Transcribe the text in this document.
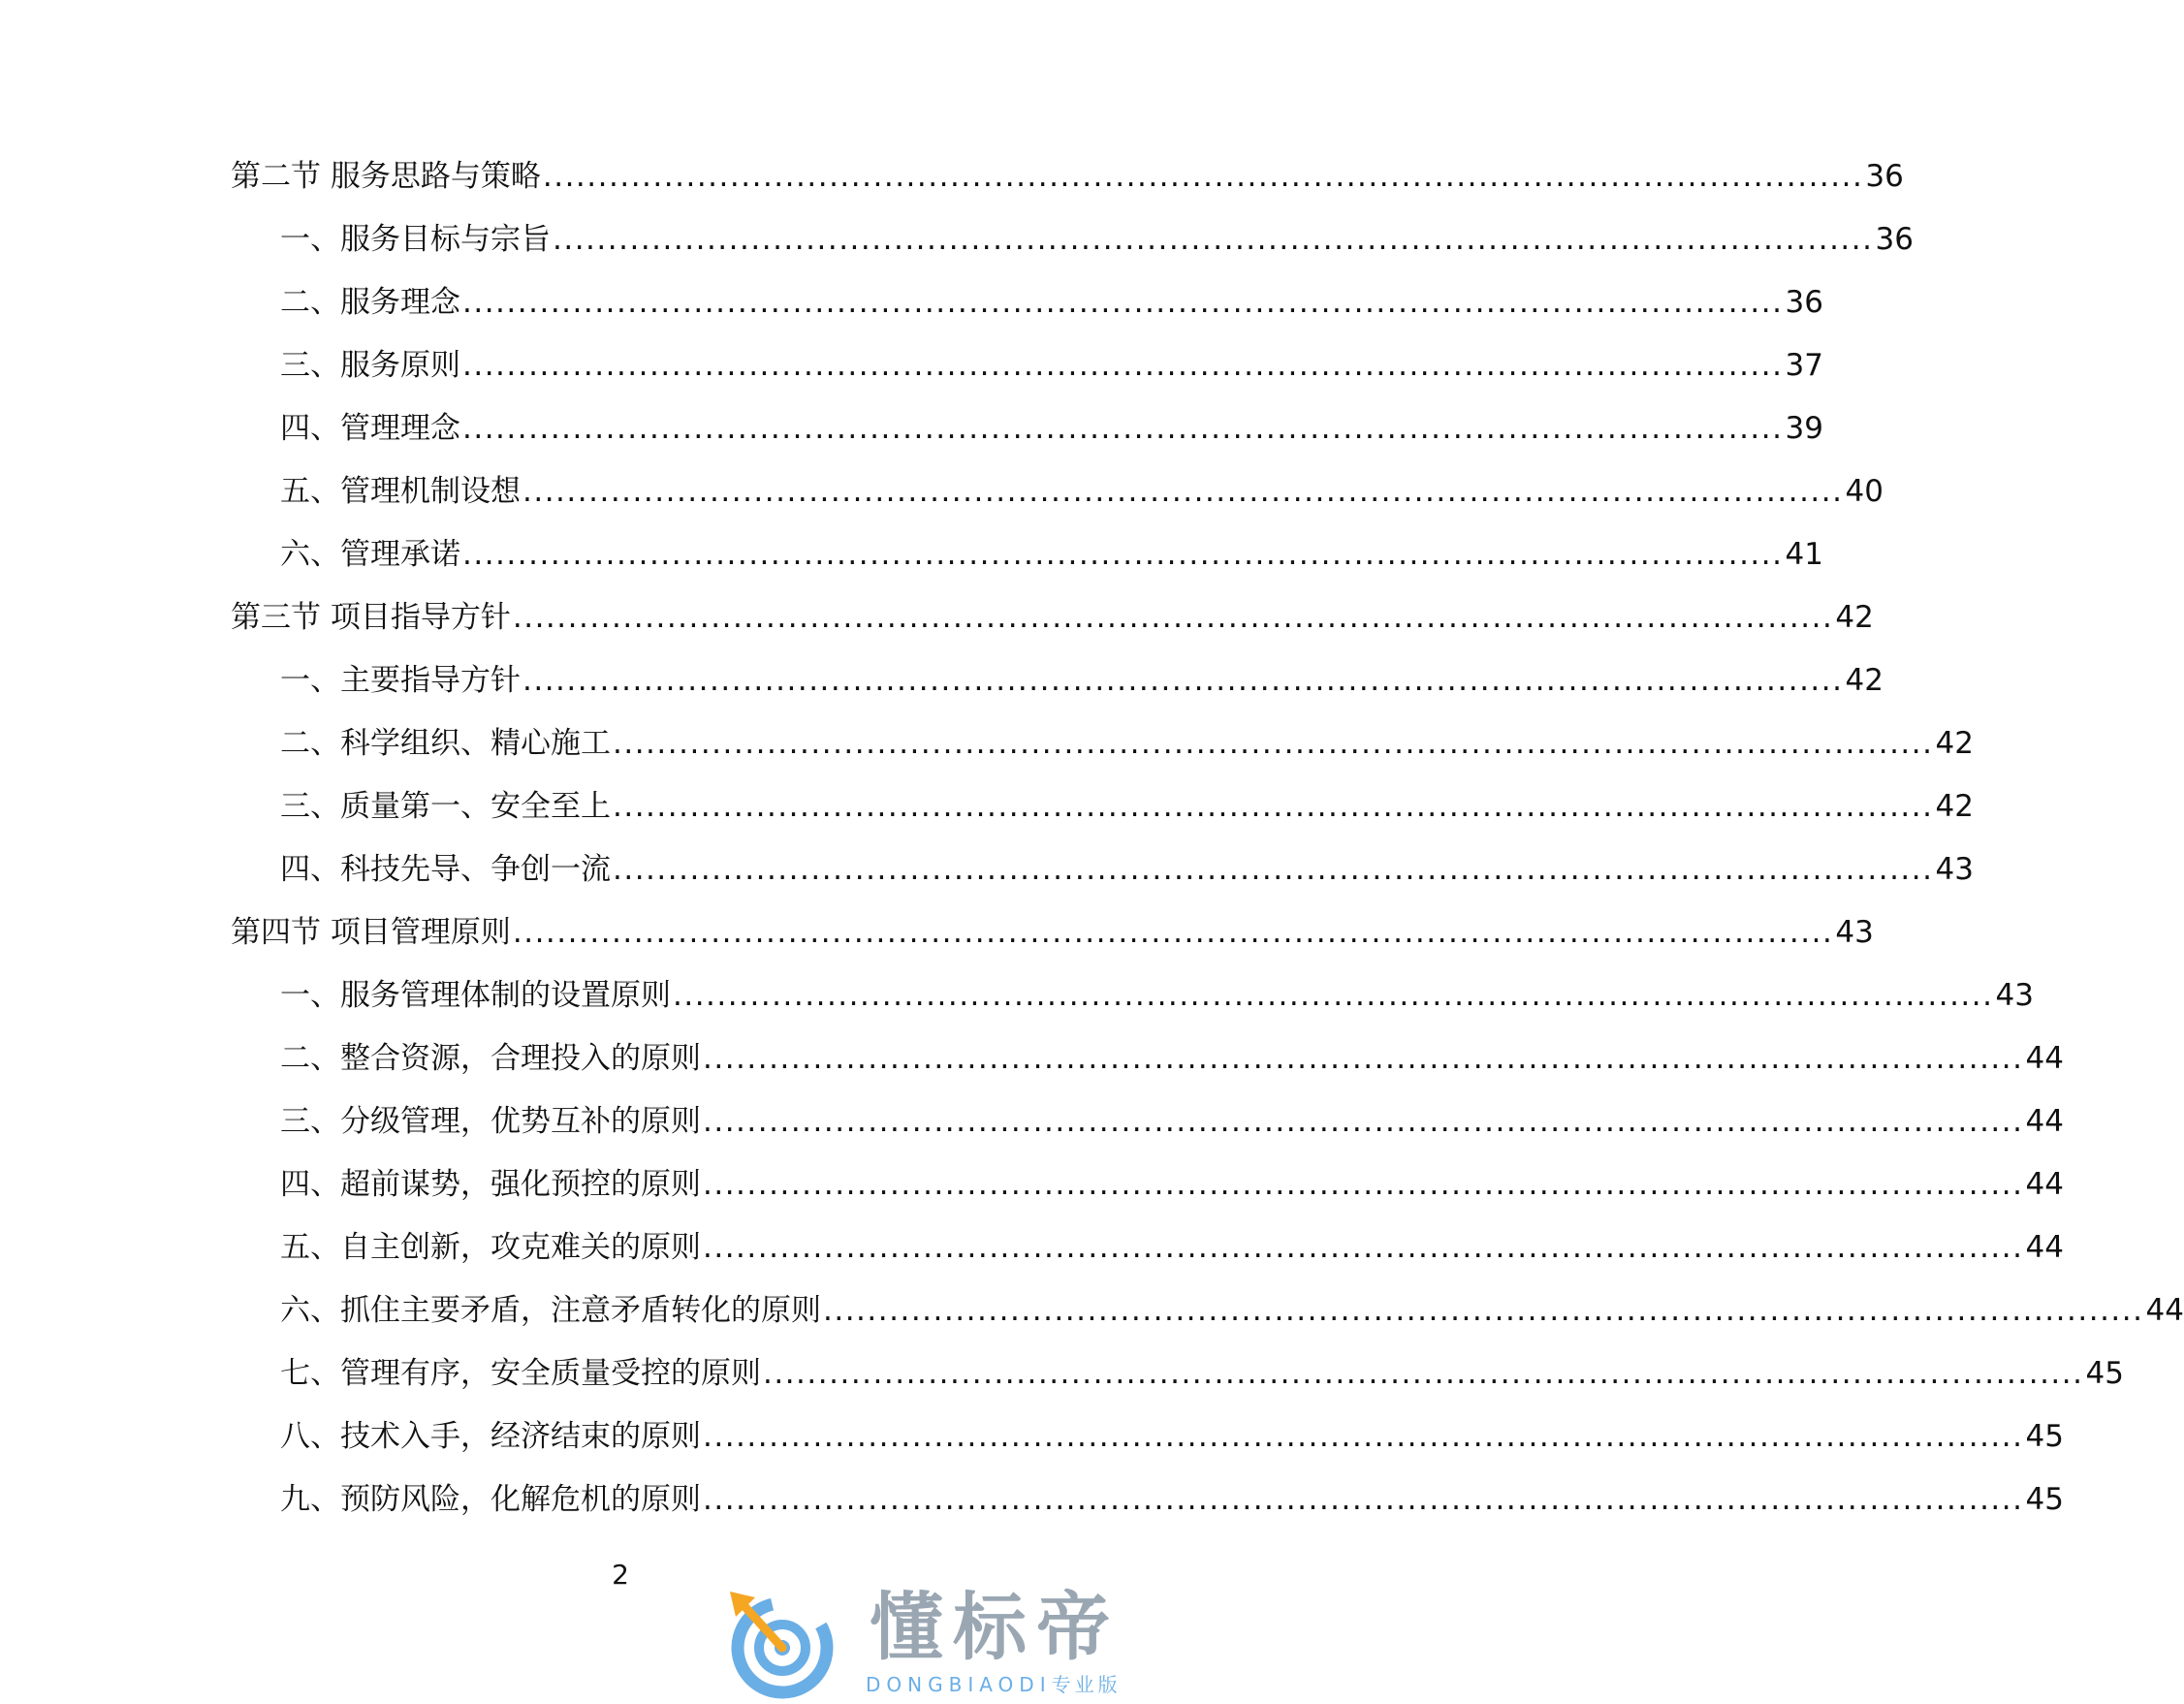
第二节 服务思路与策略 ........................................................................................................................ 36
一、服务目标与宗旨 ........................................................................................................................ 36
二、服务理念 ........................................................................................................................ 36
三、服务原则 ........................................................................................................................ 37
四、管理理念 ........................................................................................................................ 39
五、管理机制设想 ........................................................................................................................ 40
六、管理承诺 ........................................................................................................................ 41
第三节 项目指导方针 ........................................................................................................................ 42
一、主要指导方针 ........................................................................................................................ 42
二、科学组织、精心施工 ........................................................................................................................ 42
三、质量第一、安全至上 ........................................................................................................................ 42
四、科技先导、争创一流 ........................................................................................................................ 43
第四节 项目管理原则 ........................................................................................................................ 43
一、服务管理体制的设置原则 ........................................................................................................................ 43
二、整合资源，合理投入的原则 ........................................................................................................................ 44
三、分级管理，优势互补的原则 ........................................................................................................................ 44
四、超前谋势，强化预控的原则 ........................................................................................................................ 44
五、自主创新，攻克难关的原则 ........................................................................................................................ 44
六、抓住主要矛盾，注意矛盾转化的原则 ........................................................................................................................ 44
七、管理有序，安全质量受控的原则 ........................................................................................................................ 45
八、技术入手，经济结束的原则 ........................................................................................................................ 45
九、预防风险，化解危机的原则 ........................................................................................................................ 45
2
懂标帝
DONGBIAODI专业版
